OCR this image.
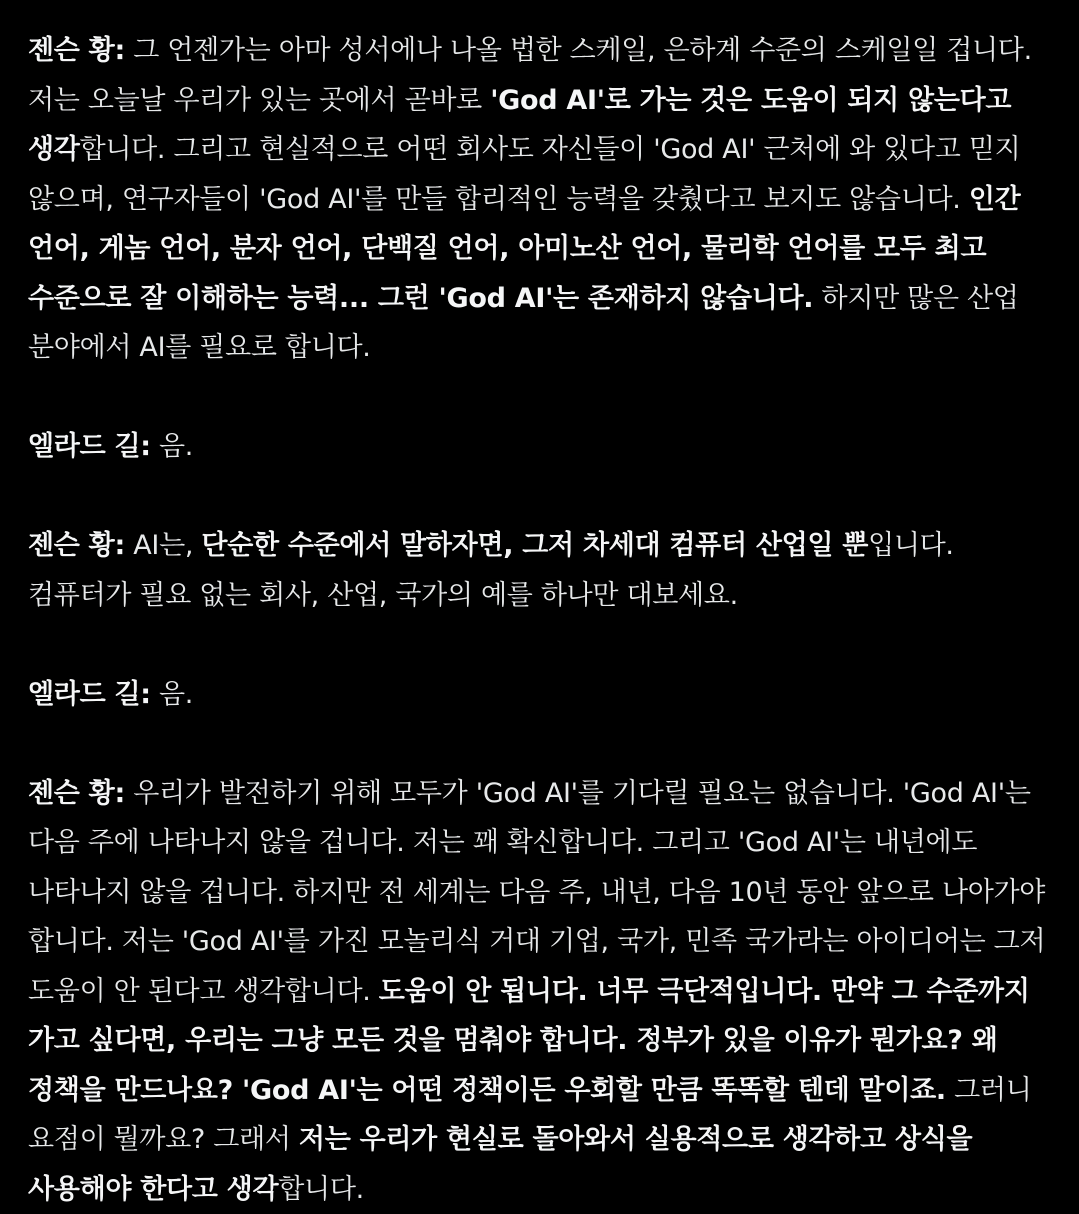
젠슨 황: 그 언젠가는 아마 성서에나 나올 법한 스케일, 은하계 수준의 스케일일 겁니다. 저는 오늘날 우리가 있는 곳에서 곧바로 'God AI'로 가는 것은 도움이 되지 않는다고 생각합니다. 그리고 현실적으로 어떤 회사도 자신들이 'God AI' 근처에 와 있다고 믿지 않으며, 연구자들이 'God AI'를 만들 합리적인 능력을 갖췄다고 보지도 않습니다. 인간 언어, 게놈 언어, 분자 언어, 단백질 언어, 아미노산 언어, 물리학 언어를 모두 최고 수준으로 잘 이해하는 능력... 그런 'God AI'는 존재하지 않습니다. 하지만 많은 산업 분야에서 AI를 필요로 합니다.

엘라드 길: 음.

젠슨 황: AI는, 단순한 수준에서 말하자면, 그저 차세대 컴퓨터 산업일 뿐입니다. 컴퓨터가 필요 없는 회사, 산업, 국가의 예를 하나만 대보세요.

엘라드 길: 음.

젠슨 황: 우리가 발전하기 위해 모두가 'God AI'를 기다릴 필요는 없습니다. 'God AI'는 다음 주에 나타나지 않을 겁니다. 저는 꽤 확신합니다. 그리고 'God AI'는 내년에도 나타나지 않을 겁니다. 하지만 전 세계는 다음 주, 내년, 다음 10년 동안 앞으로 나아가야 합니다. 저는 'God AI'를 가진 모놀리식 거대 기업, 국가, 민족 국가라는 아이디어는 그저 도움이 안 된다고 생각합니다. 도움이 안 됩니다. 너무 극단적입니다. 만약 그 수준까지 가고 싶다면, 우리는 그냥 모든 것을 멈춰야 합니다. 정부가 있을 이유가 뭔가요? 왜 정책을 만드나요? 'God AI'는 어떤 정책이든 우회할 만큼 똑똑할 텐데 말이죠. 그러니 요점이 뭘까요? 그래서 저는 우리가 현실로 돌아와서 실용적으로 생각하고 상식을 사용해야 한다고 생각합니다.
